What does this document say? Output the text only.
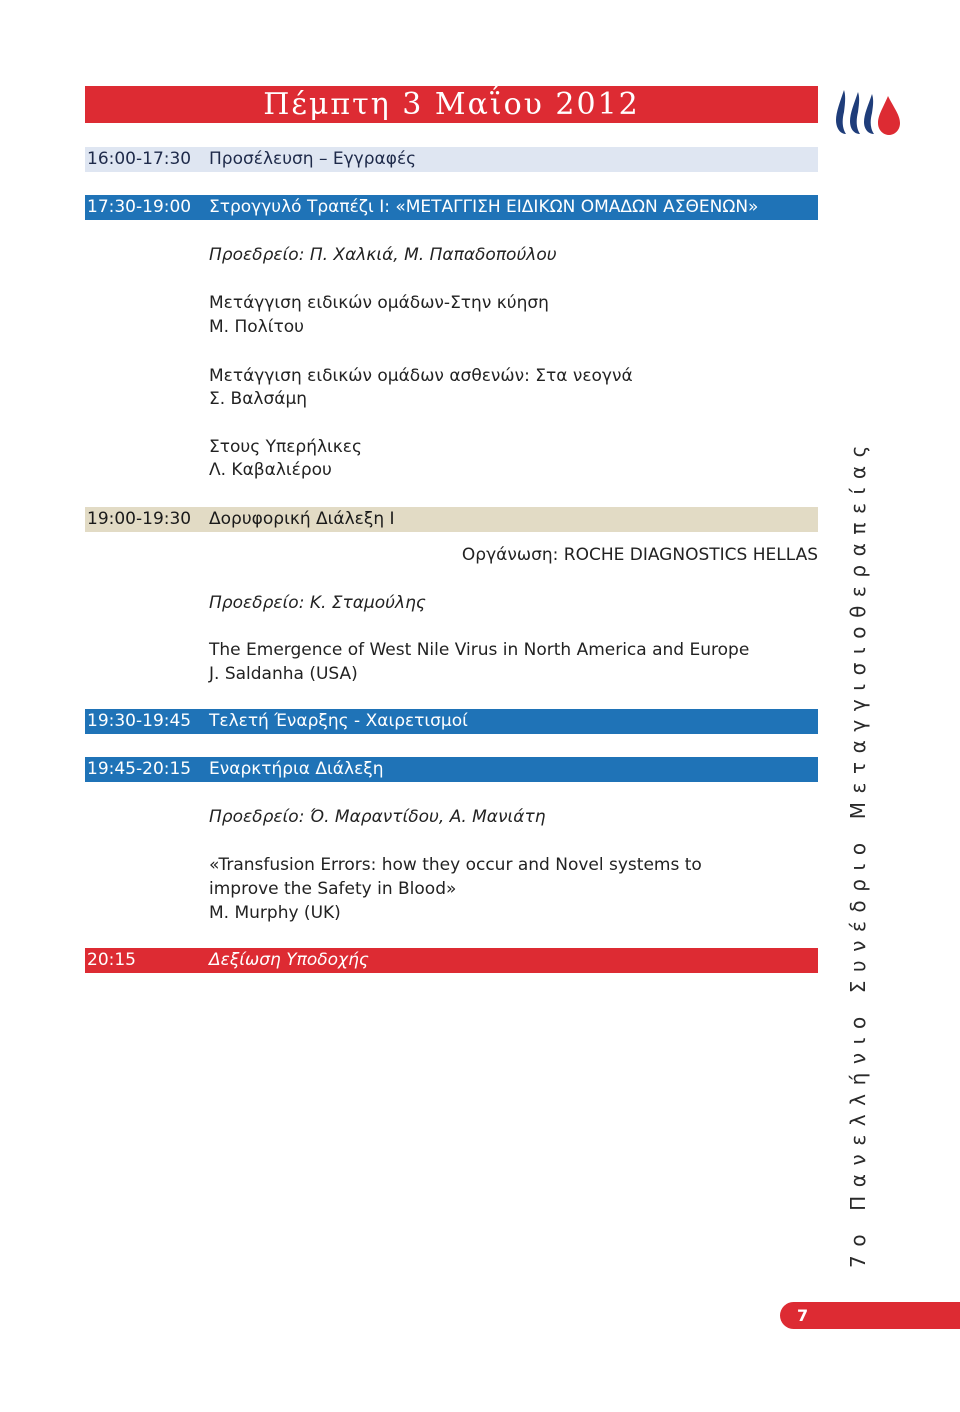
Πέμπτη 3 Μαΐου 2012
16:00-17:30 Προσέλευση – Εγγραφές
17:30-19:00 Στρογγυλό Τραπέζι Ι: «ΜΕΤΑΓΓΙΣΗ ΕΙΔΙΚΩΝ ΟΜΑΔΩΝ ΑΣΘΕΝΩΝ»
Προεδρείο: Π. Χαλκιά, Μ. Παπαδοπούλου
Μετάγγιση ειδικών ομάδων-Στην κύηση
Μ. Πολίτου
Μετάγγιση ειδικών ομάδων ασθενών: Στα νεογνά
Σ. Βαλσάμη
Στους Υπερήλικες
Λ. Καβαλιέρου
19:00-19:30 Δορυφορική Διάλεξη Ι
Οργάνωση: ROCHE DIAGNOSTICS HELLAS
Προεδρείο: Κ. Σταμούλης
The Emergence of West Nile Virus in North America and Europe
J. Saldanha (USA)
19:30-19:45 Τελετή Έναρξης - Χαιρετισμοί
19:45-20:15 Εναρκτήρια Διάλεξη
Προεδρείο: Ό. Μαραντίδου, Α. Μανιάτη
«Transfusion Errors: how they occur and Novel systems to
improve the Safety in Blood»
M. Murphy (UK)
20:15	Δεξίωση Υποδοχής	7ο Πανελλήνιο Συνέδριο Μεταγγισιοθεραπείας
7
